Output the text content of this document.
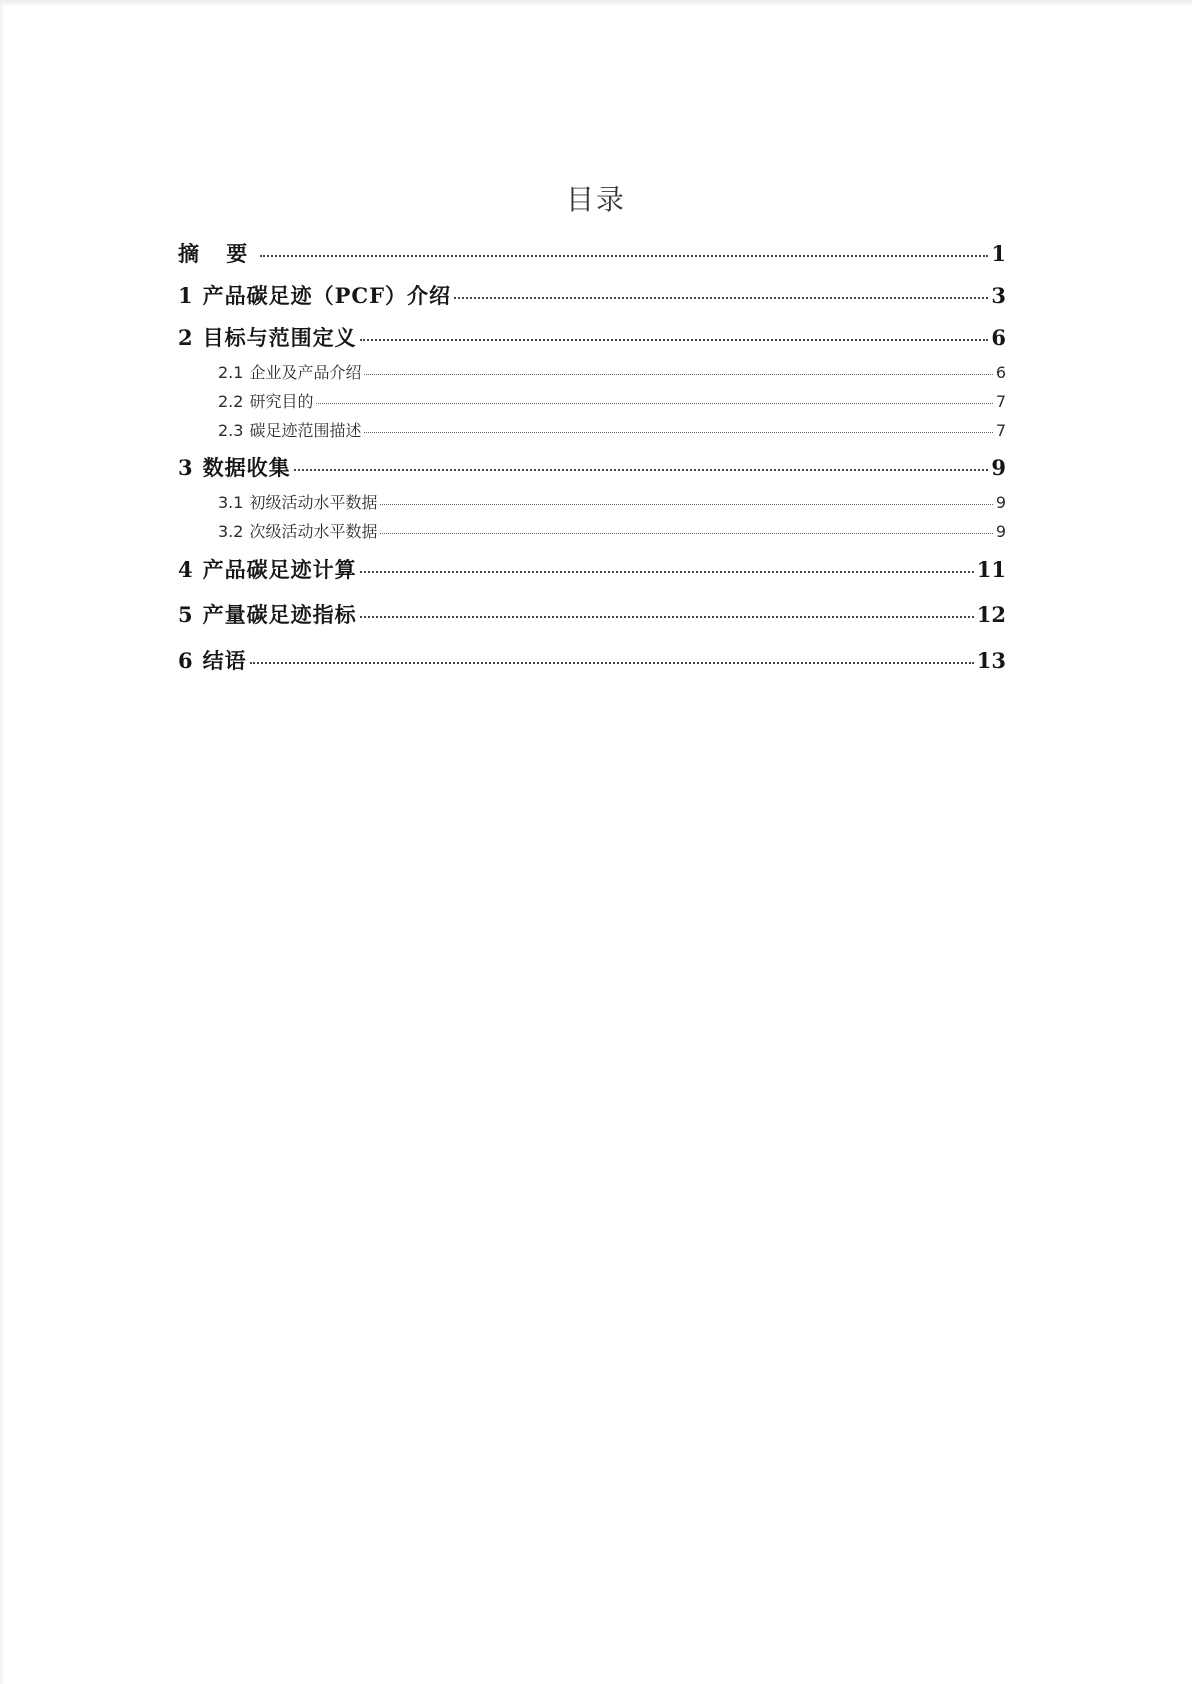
目录
摘 要	1
1 产品碳足迹（PCF）介绍	3
2 目标与范围定义	6
2.1 企业及产品介绍	6
2.2 研究目的	7
2.3 碳足迹范围描述	7
3 数据收集	9
3.1 初级活动水平数据	9
3.2 次级活动水平数据	9
4 产品碳足迹计算	11
5 产量碳足迹指标	12
6 结语	13
